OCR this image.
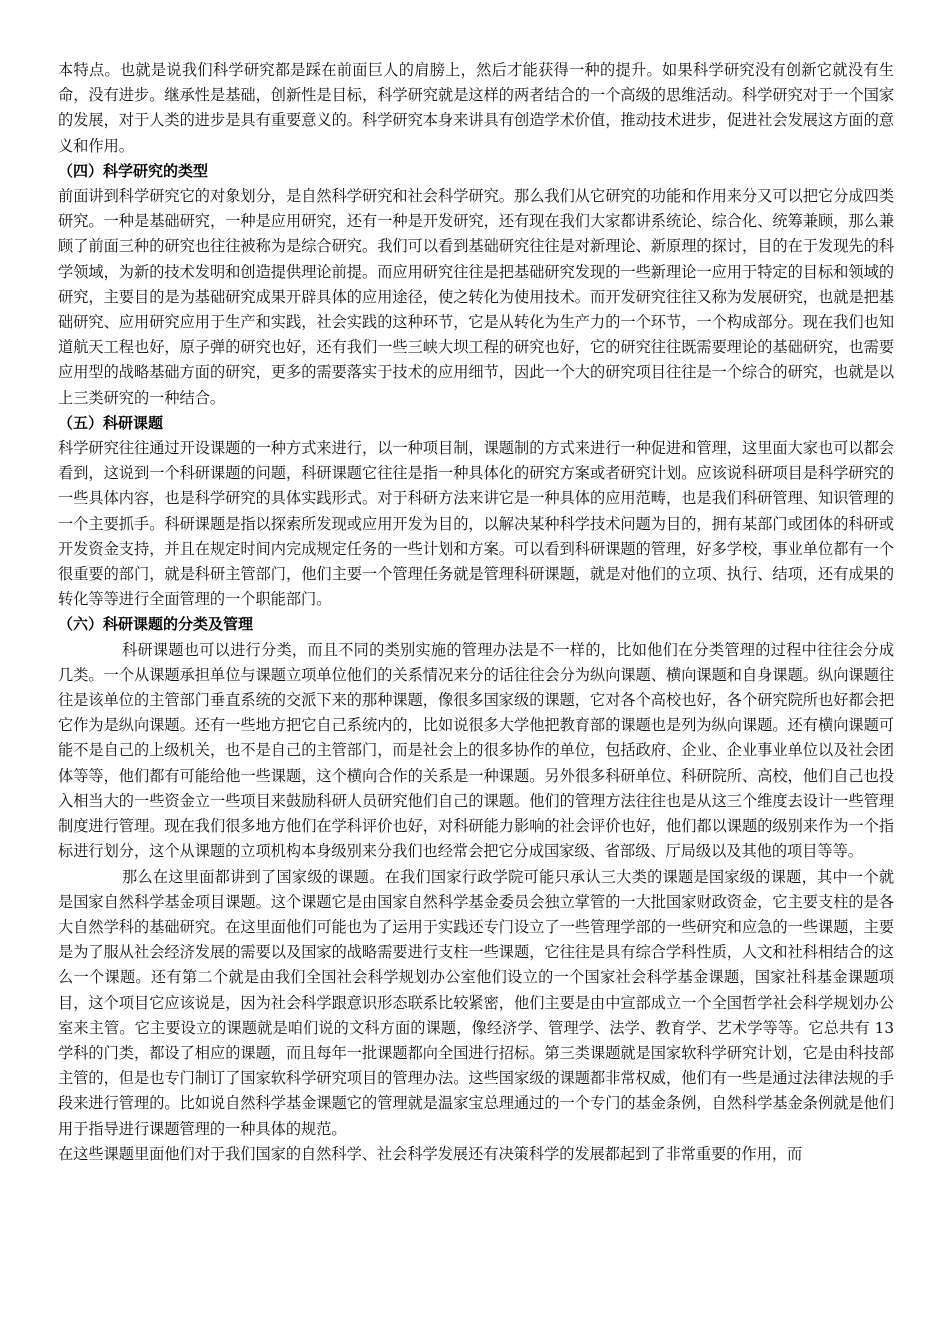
本特点。也就是说我们科学研究都是踩在前面巨人的肩膀上，然后才能获得一种的提升。如果科学研究没有创新它就没有生命，没有进步。继承性是基础，创新性是目标，科学研究就是这样的两者结合的一个高级的思维活动。科学研究对于一个国家的发展，对于人类的进步是具有重要意义的。科学研究本身来讲具有创造学术价值，推动技术进步，促进社会发展这方面的意义和作用。

（四）科学研究的类型

前面讲到科学研究它的对象划分，是自然科学研究和社会科学研究。那么我们从它研究的功能和作用来分又可以把它分成四类研究。一种是基础研究，一种是应用研究，还有一种是开发研究，还有现在我们大家都讲系统论、综合化、统筹兼顾，那么兼顾了前面三种的研究也往往被称为是综合研究。我们可以看到基础研究往往是对新理论、新原理的探讨，目的在于发现先的科学领域，为新的技术发明和创造提供理论前提。而应用研究往往是把基础研究发现的一些新理论一应用于特定的目标和领域的研究，主要目的是为基础研究成果开辟具体的应用途径，使之转化为使用技术。而开发研究往往又称为发展研究，也就是把基础研究、应用研究应用于生产和实践，社会实践的这种环节，它是从转化为生产力的一个环节，一个构成部分。现在我们也知道航天工程也好，原子弹的研究也好，还有我们一些三峡大坝工程的研究也好，它的研究往往既需要理论的基础研究，也需要应用型的战略基础方面的研究，更多的需要落实于技术的应用细节，因此一个大的研究项目往往是一个综合的研究，也就是以上三类研究的一种结合。

（五）科研课题

科学研究往往通过开设课题的一种方式来进行，以一种项目制，课题制的方式来进行一种促进和管理，这里面大家也可以都会看到，这说到一个科研课题的问题，科研课题它往往是指一种具体化的研究方案或者研究计划。应该说科研项目是科学研究的一些具体内容，也是科学研究的具体实践形式。对于科研方法来讲它是一种具体的应用范畴，也是我们科研管理、知识管理的一个主要抓手。科研课题是指以探索所发现或应用开发为目的，以解决某种科学技术问题为目的，拥有某部门或团体的科研或开发资金支持，并且在规定时间内完成规定任务的一些计划和方案。可以看到科研课题的管理，好多学校，事业单位都有一个很重要的部门，就是科研主管部门，他们主要一个管理任务就是管理科研课题，就是对他们的立项、执行、结项，还有成果的转化等等进行全面管理的一个职能部门。

（六）科研课题的分类及管理

科研课题也可以进行分类，而且不同的类别实施的管理办法是不一样的，比如他们在分类管理的过程中往往会分成几类。一个从课题承担单位与课题立项单位他们的关系情况来分的话往往会分为纵向课题、横向课题和自身课题。纵向课题往往是该单位的主管部门垂直系统的交派下来的那种课题，像很多国家级的课题，它对各个高校也好，各个研究院所也好都会把它作为是纵向课题。还有一些地方把它自己系统内的，比如说很多大学他把教育部的课题也是列为纵向课题。还有横向课题可能不是自己的上级机关，也不是自己的主管部门，而是社会上的很多协作的单位，包括政府、企业、企业事业单位以及社会团体等等，他们都有可能给他一些课题，这个横向合作的关系是一种课题。另外很多科研单位、科研院所、高校，他们自己也投入相当大的一些资金立一些项目来鼓励科研人员研究他们自己的课题。他们的管理方法往往也是从这三个维度去设计一些管理制度进行管理。现在我们很多地方他们在学科评价也好，对科研能力影响的社会评价也好，他们都以课题的级别来作为一个指标进行划分，这个从课题的立项机构本身级别来分我们也经常会把它分成国家级、省部级、厅局级以及其他的项目等等。

那么在这里面都讲到了国家级的课题。在我们国家行政学院可能只承认三大类的课题是国家级的课题，其中一个就是国家自然科学基金项目课题。这个课题它是由国家自然科学基金委员会独立掌管的一大批国家财政资金，它主要支柱的是各大自然学科的基础研究。在这里面他们可能也为了运用于实践还专门设立了一些管理学部的一些研究和应急的一些课题，主要是为了服从社会经济发展的需要以及国家的战略需要进行支柱一些课题，它往往是具有综合学科性质，人文和社科相结合的这么一个课题。还有第二个就是由我们全国社会科学规划办公室他们设立的一个国家社会科学基金课题，国家社科基金课题项目，这个项目它应该说是，因为社会科学跟意识形态联系比较紧密，他们主要是由中宣部成立一个全国哲学社会科学规划办公室来主管。它主要设立的课题就是咱们说的文科方面的课题，像经济学、管理学、法学、教育学、艺术学等等。它总共有 13 学科的门类，都设了相应的课题，而且每年一批课题都向全国进行招标。第三类课题就是国家软科学研究计划，它是由科技部主管的，但是也专门制订了国家软科学研究项目的管理办法。这些国家级的课题都非常权威，他们有一些是通过法律法规的手段来进行管理的。比如说自然科学基金课题它的管理就是温家宝总理通过的一个专门的基金条例，自然科学基金条例就是他们用于指导进行课题管理的一种具体的规范。

在这些课题里面他们对于我们国家的自然科学、社会科学发展还有决策科学的发展都起到了非常重要的作用，而
